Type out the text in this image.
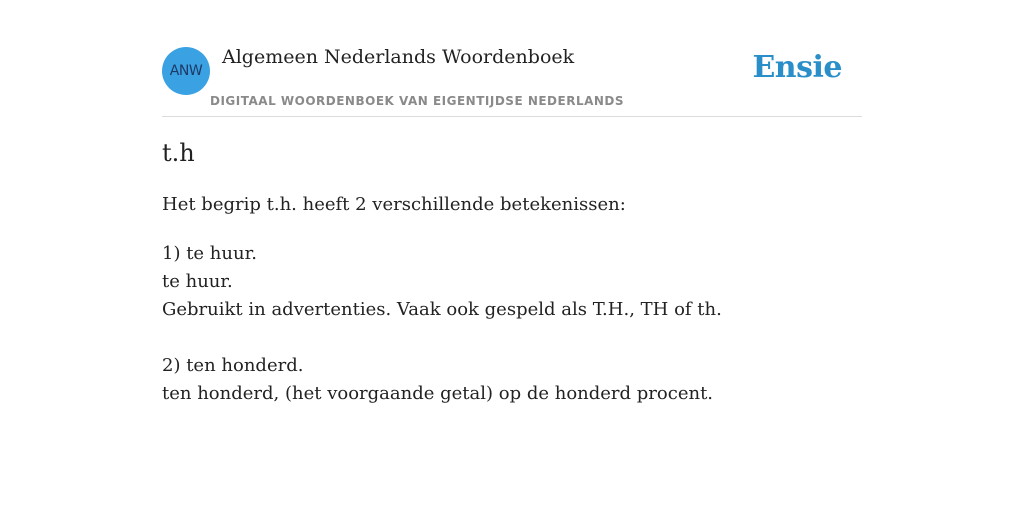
ANW
Algemeen Nederlands Woordenboek
DIGITAAL WOORDENBOEK VAN EIGENTIJDSE NEDERLANDS
Ensie
t.h
Het begrip t.h. heeft 2 verschillende betekenissen:
1) te huur.
te huur.
Gebruikt in advertenties. Vaak ook gespeld als T.H., TH of th.
2) ten honderd.
ten honderd, (het voorgaande getal) op de honderd procent.
